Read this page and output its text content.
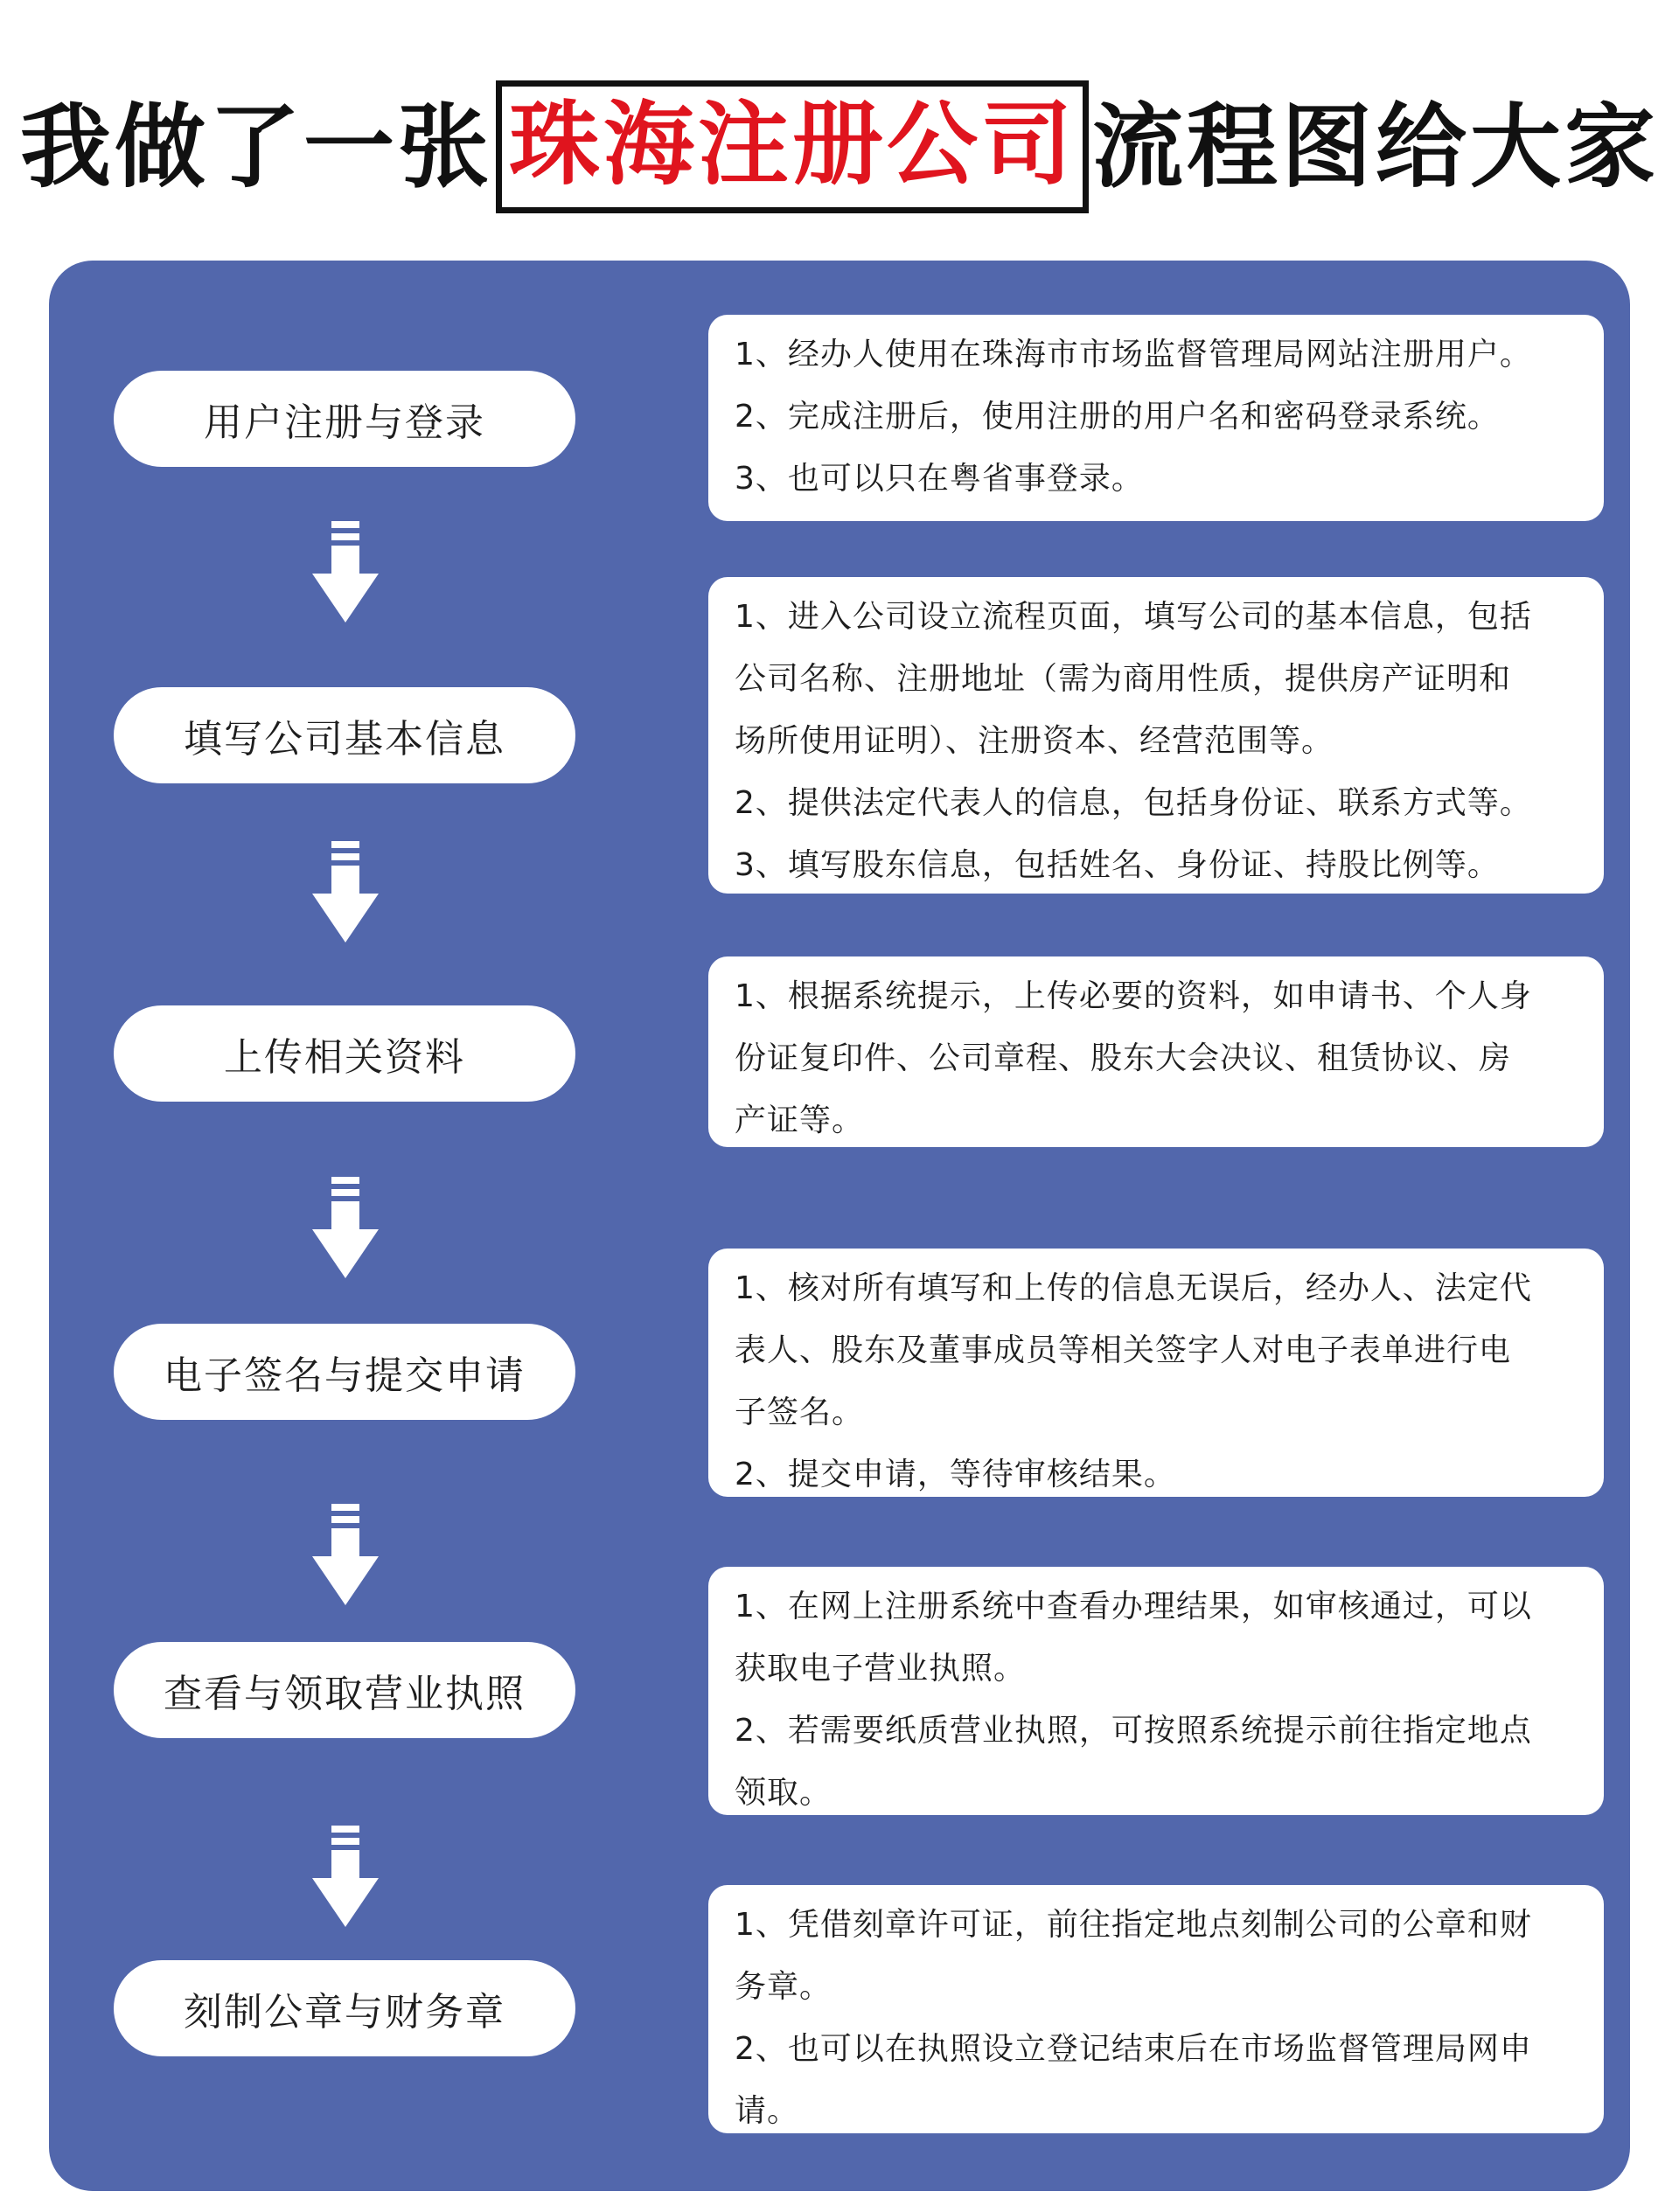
我做了一张 珠海注册公司 流程图给大家
用户注册与登录
1、经办人使用在珠海市市场监督管理局网站注册用户。
2、完成注册后，使用注册的用户名和密码登录系统。
3、也可以只在粤省事登录。
填写公司基本信息
1、进入公司设立流程页面，填写公司的基本信息，包括
公司名称、注册地址（需为商用性质，提供房产证明和
场所使用证明）、注册资本、经营范围等。
2、提供法定代表人的信息，包括身份证、联系方式等。
3、填写股东信息，包括姓名、身份证、持股比例等。
上传相关资料
1、根据系统提示，上传必要的资料，如申请书、个人身
份证复印件、公司章程、股东大会决议、租赁协议、房
产证等。
电子签名与提交申请
1、核对所有填写和上传的信息无误后，经办人、法定代
表人、股东及董事成员等相关签字人对电子表单进行电
子签名。
2、提交申请，等待审核结果。
查看与领取营业执照
1、在网上注册系统中查看办理结果，如审核通过，可以
获取电子营业执照。
2、若需要纸质营业执照，可按照系统提示前往指定地点
领取。
刻制公章与财务章
1、凭借刻章许可证，前往指定地点刻制公司的公章和财
务章。
2、也可以在执照设立登记结束后在市场监督管理局网申
请。
